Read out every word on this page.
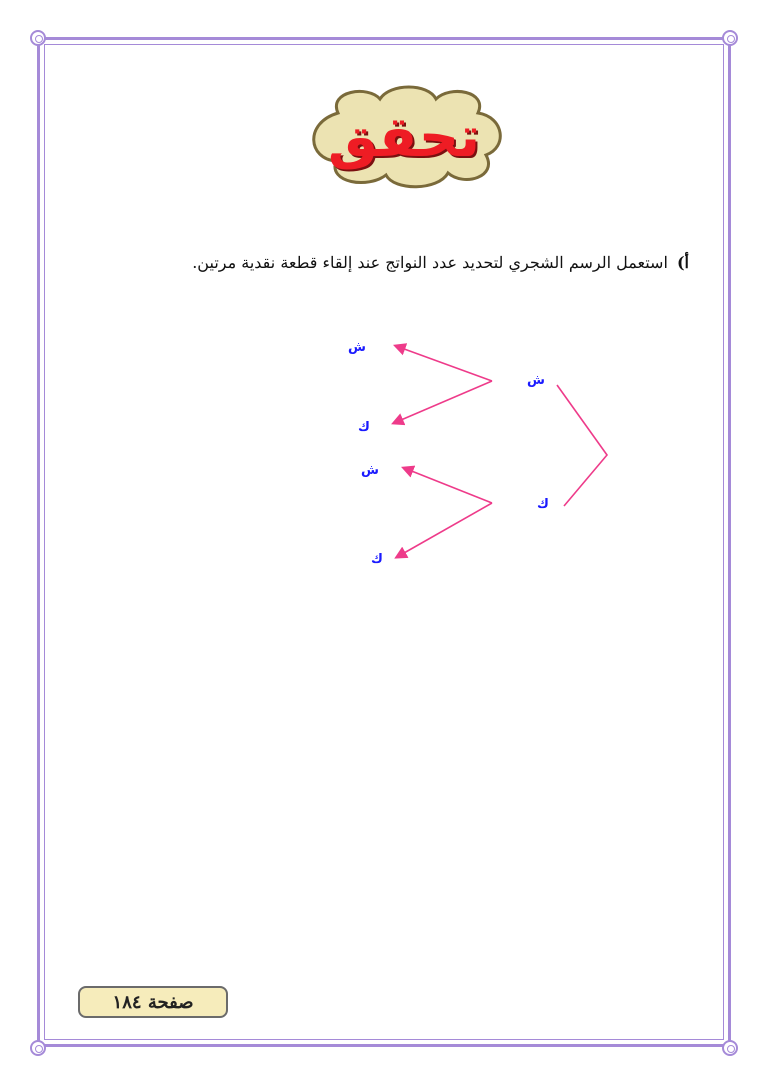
تحقق
أ) استعمل الرسم الشجري لتحديد عدد النواتج عند إلقاء قطعة نقدية مرتين.
ش
ك
ش
ك
ش
ك
صفحة ١٨٤
